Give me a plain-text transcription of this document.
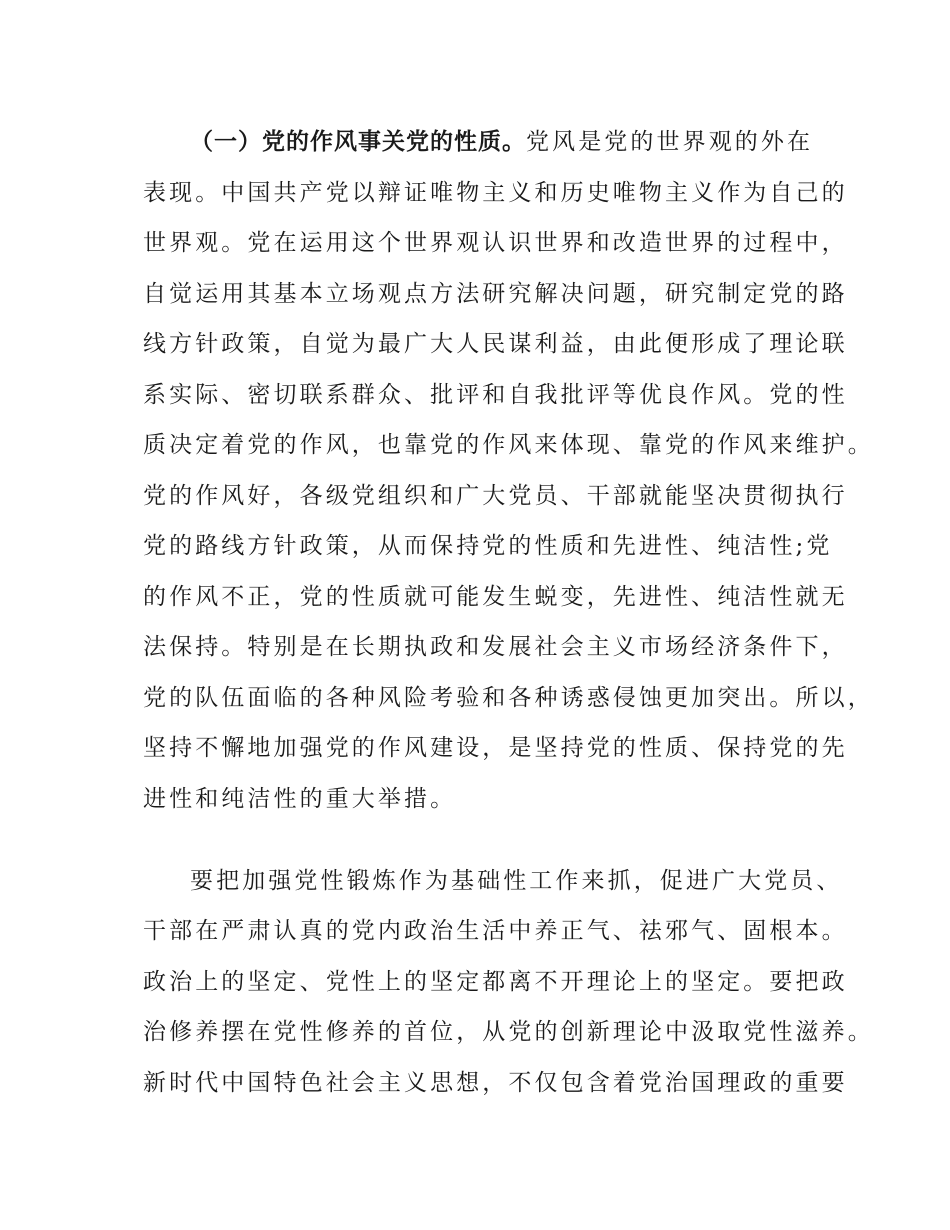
（一）党的作风事关党的性质。党风是党的世界观的外在
表现。中国共产党以辩证唯物主义和历史唯物主义作为自己的
世界观。党在运用这个世界观认识世界和改造世界的过程中，
自觉运用其基本立场观点方法研究解决问题，研究制定党的路
线方针政策，自觉为最广大人民谋利益，由此便形成了理论联
系实际、密切联系群众、批评和自我批评等优良作风。党的性
质决定着党的作风，也靠党的作风来体现、靠党的作风来维护。
党的作风好，各级党组织和广大党员、干部就能坚决贯彻执行
党的路线方针政策，从而保持党的性质和先进性、纯洁性;党
的作风不正，党的性质就可能发生蜕变，先进性、纯洁性就无
法保持。特别是在长期执政和发展社会主义市场经济条件下，
党的队伍面临的各种风险考验和各种诱惑侵蚀更加突出。所以，
坚持不懈地加强党的作风建设，是坚持党的性质、保持党的先
进性和纯洁性的重大举措。
要把加强党性锻炼作为基础性工作来抓，促进广大党员、
干部在严肃认真的党内政治生活中养正气、祛邪气、固根本。
政治上的坚定、党性上的坚定都离不开理论上的坚定。要把政
治修养摆在党性修养的首位，从党的创新理论中汲取党性滋养。
新时代中国特色社会主义思想，不仅包含着党治国理政的重要
